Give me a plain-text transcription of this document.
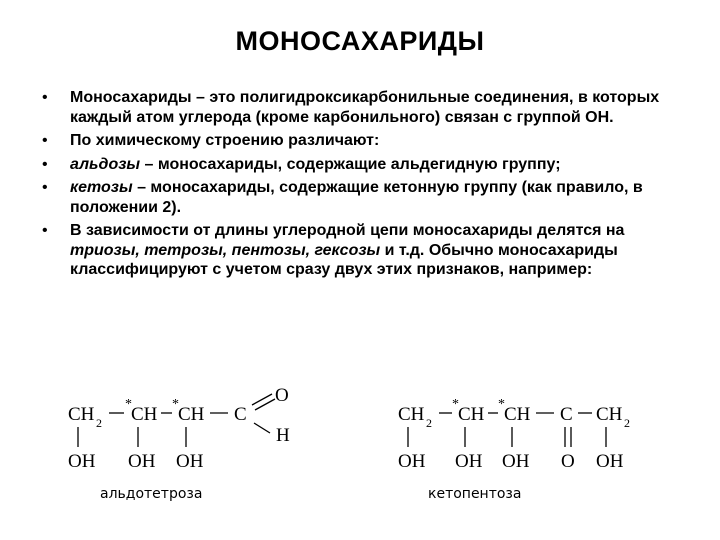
МОНОСАХАРИДЫ
• Моносахариды – это полигидроксикарбонильные соединения, в которых каждый атом углерода (кроме карбонильного) связан с группой ОН.
• По химическому строению различают:
• альдозы – моносахариды, содержащие альдегидную группу;
• кетозы – моносахариды, содержащие кетонную группу (как правило, в положении 2).
• В зависимости от длины углеродной цепи моносахариды делятся на триозы, тетрозы, пентозы, гексозы и т.д. Обычно моносахариды классифицируют с учетом сразу двух этих признаков, например:
CH 2
* CH * CH C
O
H
OH OH OH
альдотетроза
CH 2
* CH * CH C CH 2
OH OH OH O OH
кетопентоза
